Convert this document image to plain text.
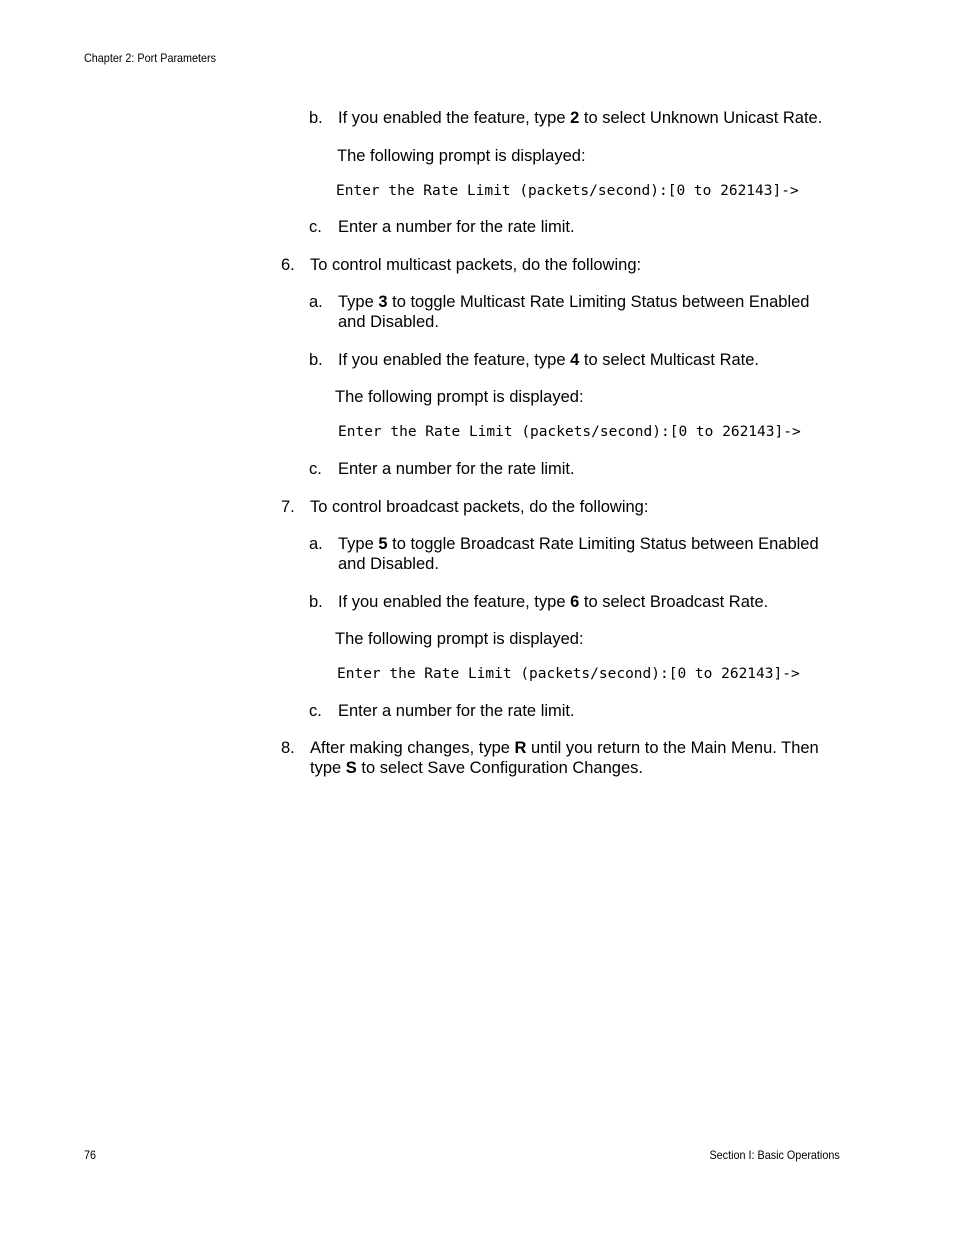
Chapter 2: Port Parameters
b. If you enabled the feature, type 2 to select Unknown Unicast Rate.
The following prompt is displayed:
Enter the Rate Limit (packets/second):[0 to 262143]->
c. Enter a number for the rate limit.
6. To control multicast packets, do the following:
a. Type 3 to toggle Multicast Rate Limiting Status between Enabled
and Disabled.
b. If you enabled the feature, type 4 to select Multicast Rate.
The following prompt is displayed:
Enter the Rate Limit (packets/second):[0 to 262143]->
c. Enter a number for the rate limit.
7. To control broadcast packets, do the following:
a. Type 5 to toggle Broadcast Rate Limiting Status between Enabled
and Disabled.
b. If you enabled the feature, type 6 to select Broadcast Rate.
The following prompt is displayed:
Enter the Rate Limit (packets/second):[0 to 262143]->
c. Enter a number for the rate limit.
8. After making changes, type R until you return to the Main Menu. Then
type S to select Save Configuration Changes.
76	Section I: Basic Operations
